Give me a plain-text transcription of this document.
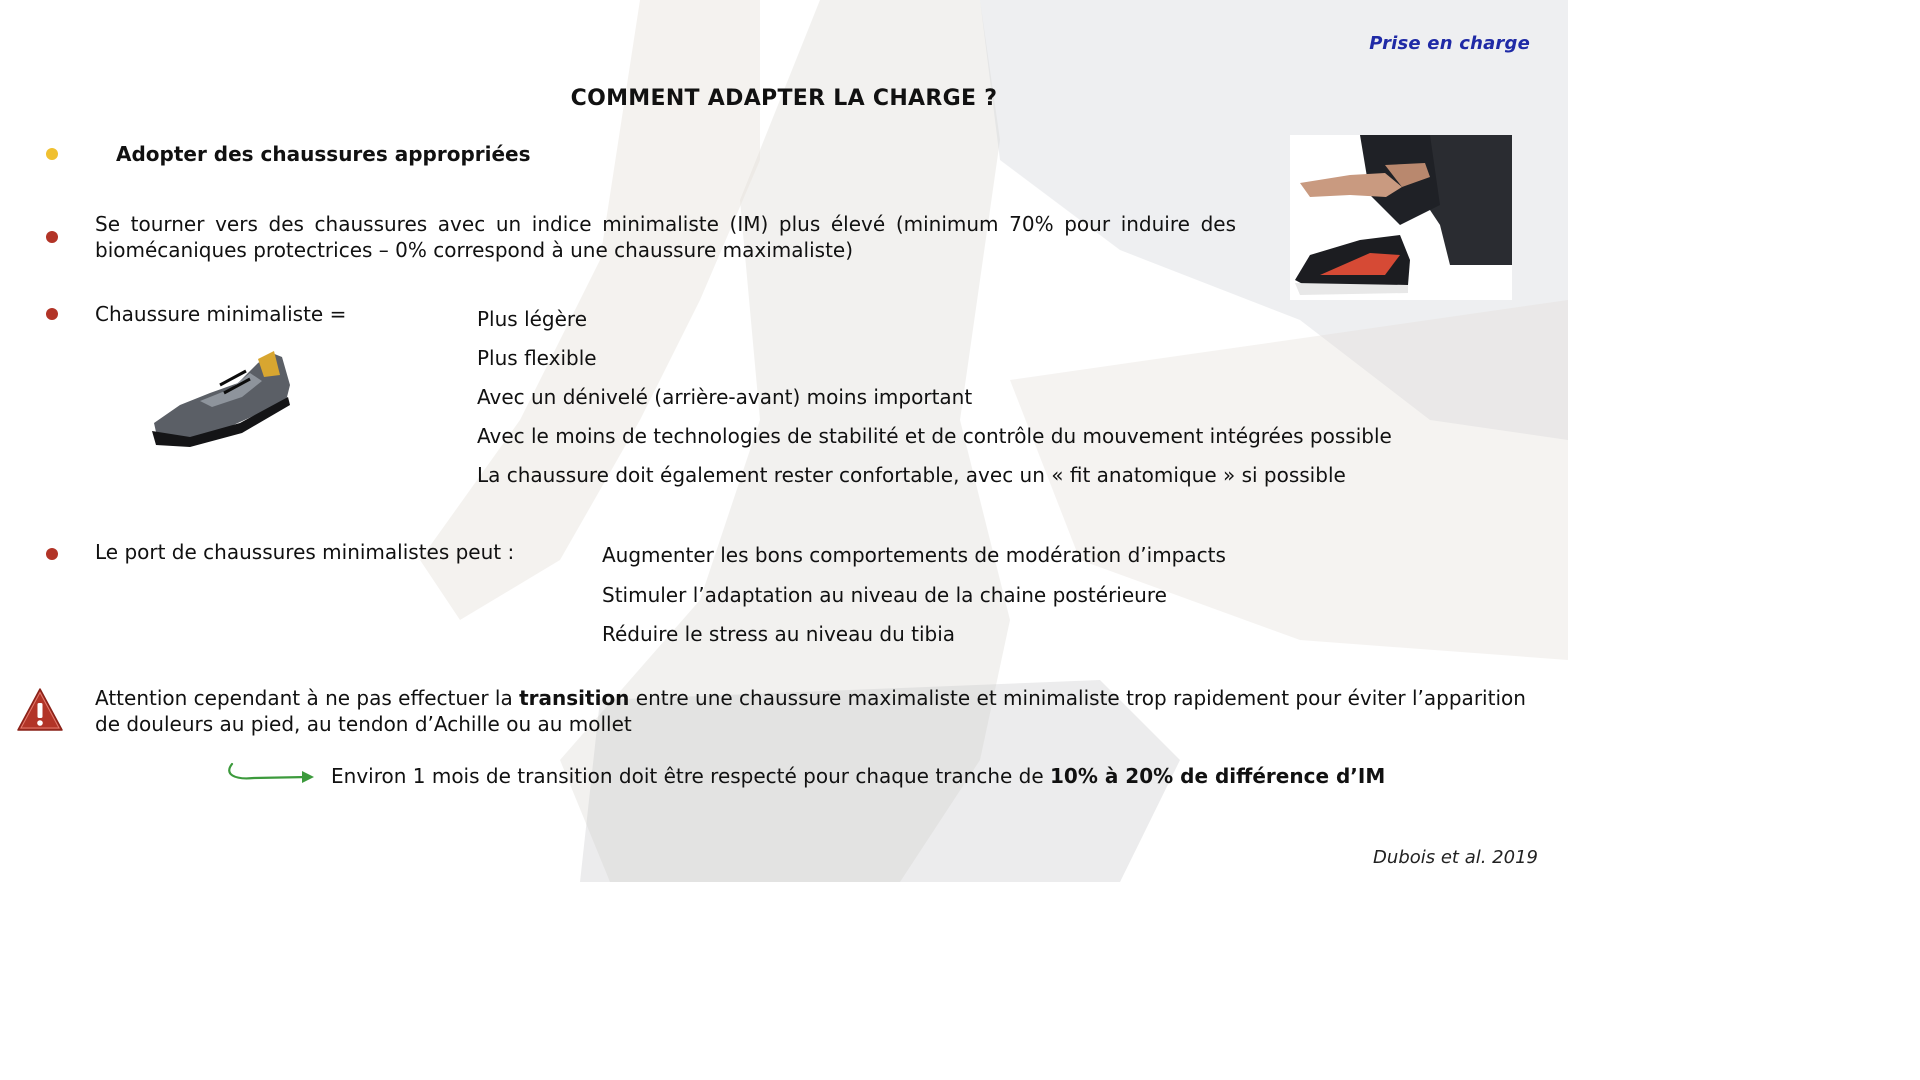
Prise en charge
COMMENT ADAPTER LA CHARGE ?
Adopter des chaussures appropriées
Se tourner vers des chaussures avec un indice minimaliste (IM) plus élevé (minimum 70% pour induire des biomécaniques protectrices – 0% correspond à une chaussure maximaliste)
Chaussure minimaliste =	Plus légère
Plus flexible
Avec un dénivelé (arrière-avant) moins important
Avec le moins de technologies de stabilité et de contrôle du mouvement intégrées possible
La chaussure doit également rester confortable, avec un « fit anatomique » si possible
Le port de chaussures minimalistes peut :	Augmenter les bons comportements de modération d’impacts
Stimuler l’adaptation au niveau de la chaine postérieure
Réduire le stress au niveau du tibia
Attention cependant à ne pas effectuer la transition entre une chaussure maximaliste et minimaliste trop rapidement pour éviter l’apparition de douleurs au pied, au tendon d’Achille ou au mollet
Environ 1 mois de transition doit être respecté pour chaque tranche de 10% à 20% de différence d’IM
Dubois et al. 2019
